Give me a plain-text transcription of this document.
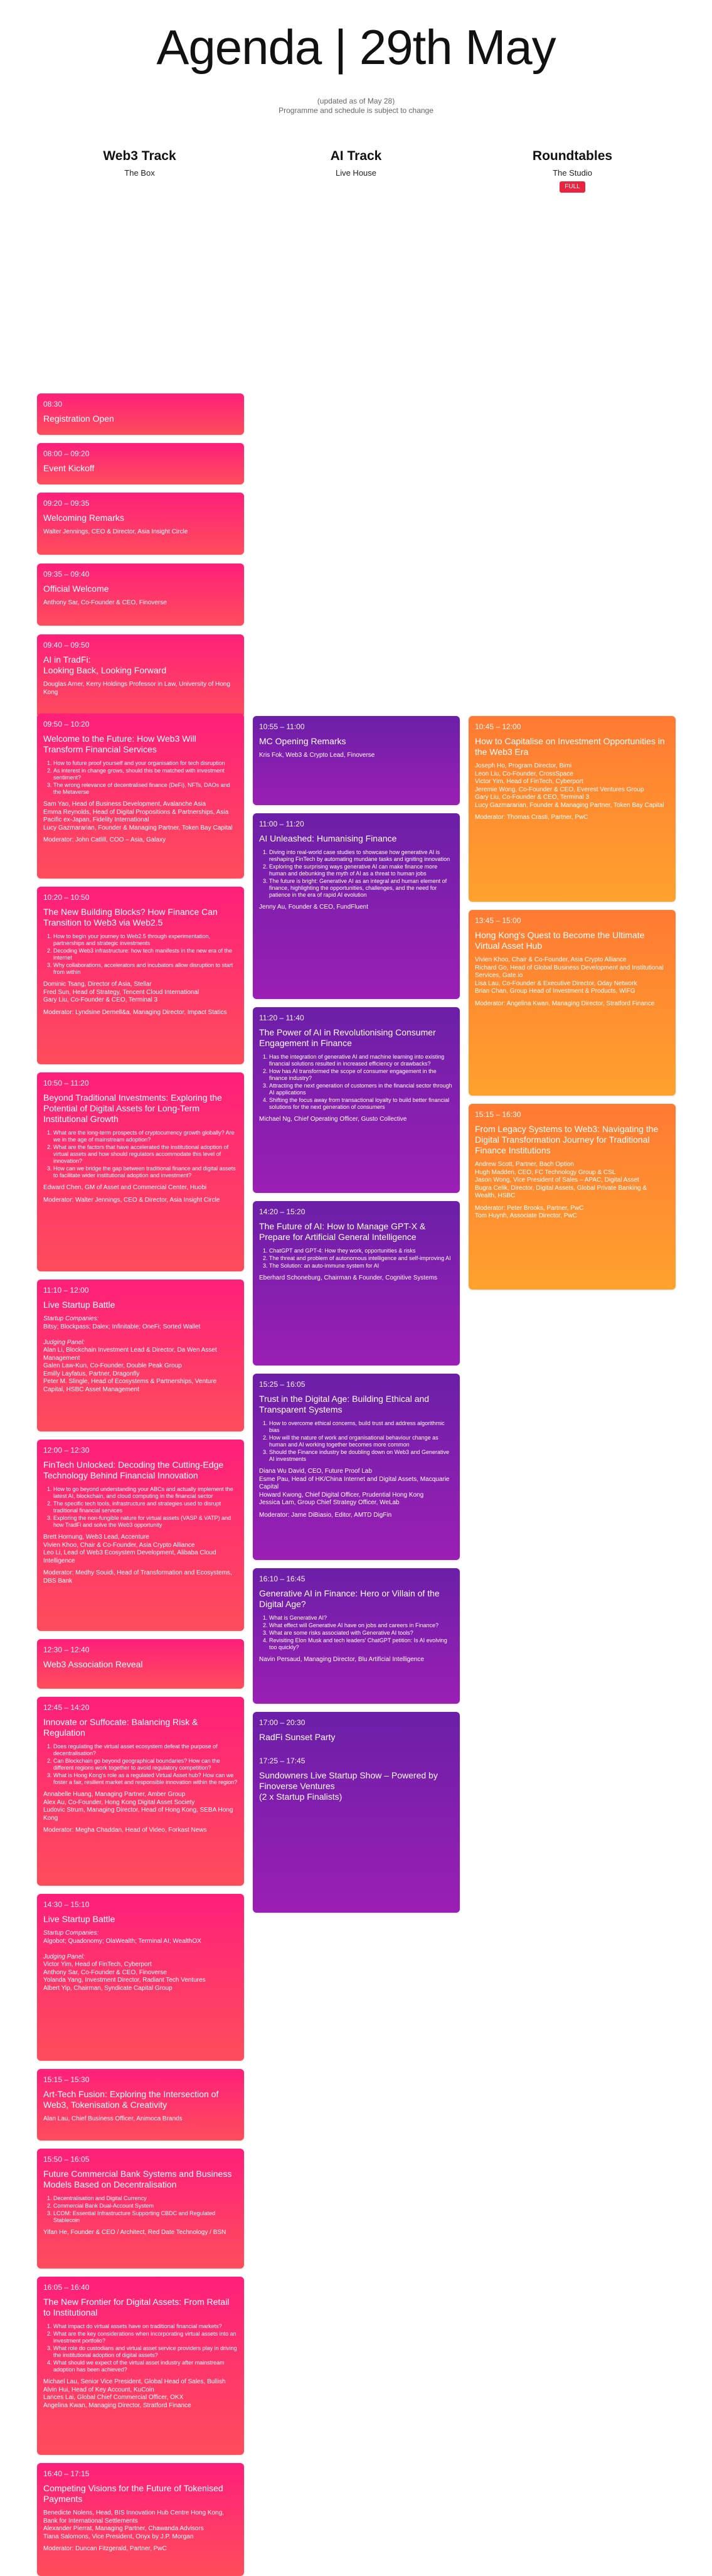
Agenda | 29th May
(updated as of May 28)
Programme and schedule is subject to change
Web3 Track
The Box
AI Track
Live House
Roundtables
The Studio
FULL
08:30
Registration Open
08:00 – 09:20
Event Kickoff
09:20 – 09:35
Welcoming Remarks
Walter Jennings, CEO & Director, Asia Insight Circle
09:35 – 09:40
Official Welcome
Anthony Sar, Co-Founder & CEO, Finoverse
09:40 – 09:50
AI in TradFi:
Looking Back, Looking Forward
Douglas Arner, Kerry Holdings Professor in Law, University of Hong Kong
09:50 – 10:20
Welcome to the Future: How Web3 Will Transform Financial Services
1. How to future proof yourself and your organisation for tech disruption
2. As interest in change grows, should this be matched with investment sentiment?
3. The wrong relevance of decentralised finance (DeFi), NFTs, DAOs and the Metaverse
Sam Yao, Head of Business Development, Avalanche Asia
Emma Reynolds, Head of Digital Propositions & Partnerships, Asia Pacific ex-Japan, Fidelity International
Lucy Gazmararian, Founder & Managing Partner, Token Bay Capital
Moderator: John Catlill, COO – Asia, Galaxy
10:20 – 10:50
The New Building Blocks? How Finance Can Transition to Web3 via Web2.5
1. How to begin your journey to Web2.5 through experimentation, partnerships and strategic investments
2. Decoding Web3 infrastructure: how tech manifests in the new era of the internet
3. Why collaborations, accelerators and incubators allow disruption to start from within
Dominic Tsang, Director of Asia, Stellar
Fred Sun, Head of Strategy, Tencent Cloud International
Gary Liu, Co-Founder & CEO, Terminal 3
Moderator: Lyndsine Dernell&a, Managing Director, Impact Statics
10:50 – 11:20
Beyond Traditional Investments: Exploring the Potential of Digital Assets for Long-Term Institutional Growth
1. What are the long-term prospects of cryptocurrency growth globally? Are we in the age of mainstream adoption?
2. What are the factors that have accelerated the institutional adoption of virtual assets and how should regulators accommodate this level of innovation?
3. How can we bridge the gap between traditional finance and digital assets to facilitate wider institutional adoption and investment?
Edward Chen, GM of Asset and Commercial Center, Huobi
Moderator: Walter Jennings, CEO & Director, Asia Insight Circle
11:10 – 12:00
Live Startup Battle
Startup Companies:
Bitsy; Blockpass; Dalex; Infinitable; OneFi; Sorted Wallet

Judging Panel:
Alan Li, Blockchain Investment Lead & Director, Da Wen Asset Management
Galen Law-Kun, Co-Founder, Double Peak Group
Emilly Layfatus, Partner, Dragonfly
Peter M. Slingle, Head of Ecosystems & Partnerships, Venture Capital, HSBC Asset Management
12:00 – 12:30
FinTech Unlocked: Decoding the Cutting-Edge Technology Behind Financial Innovation
1. How to go beyond understanding your ABCs and actually implement the latest AI, blockchain, and cloud computing in the financial sector
2. The specific tech tools, infrastructure and strategies used to disrupt traditional financial services
3. Exploring the non-fungible nature for virtual assets (VASP & VATP) and how TradFi and solve the Web3 opportunity
Brett Hornung, Web3 Lead, Accenture
Vivien Khoo, Chair & Co-Founder, Asia Crypto Alliance
Leo Li, Lead of Web3 Ecosystem Development, Alibaba Cloud Intelligence
Moderator: Medhy Souidi, Head of Transformation and Ecosystems, DBS Bank
12:30 – 12:40
Web3 Association Reveal
12:45 – 14:20
Innovate or Suffocate: Balancing Risk & Regulation
1. Does regulating the virtual asset ecosystem defeat the purpose of decentralisation?
2. Can Blockchain go beyond geographical boundaries? How can the different regions work together to avoid regulatory competition?
3. What is Hong Kong's role as a regulated Virtual Asset hub? How can we foster a fair, resilient market and responsible innovation within the region?
Annabelle Huang, Managing Partner, Amber Group
Alex Au, Co-Founder, Hong Kong Digital Asset Society
Ludovic Strum, Managing Director, Head of Hong Kong, SEBA Hong Kong
Moderator: Megha Chaddan, Head of Video, Forkast News
14:30 – 15:10
Live Startup Battle
Startup Companies:
Algobot; Quadonomy; OlaWealth; Terminal AI; WealthOX

Judging Panel:
Victor Yim, Head of FinTech, Cyberport
Anthony Sar, Co-Founder & CEO, Finoverse
Yolanda Yang, Investment Director, Radiant Tech Ventures
Albert Yip, Chairman, Syndicate Capital Group
15:15 – 15:30
Art-Tech Fusion: Exploring the Intersection of Web3, Tokenisation & Creativity
Alan Lau, Chief Business Officer, Animoca Brands
15:50 – 16:05
Future Commercial Bank Systems and Business Models Based on Decentralisation
1. Decentralisation and Digital Currency
2. Commercial Bank Dual-Account System
3. LCOM: Essential Infrastructure Supporting CBDC and Regulated Stablecoin
Yifan He, Founder & CEO / Architect, Red Date Technology / BSN
16:05 – 16:40
The New Frontier for Digital Assets: From Retail to Institutional
1. What impact do virtual assets have on traditional financial markets?
2. What are the key considerations when incorporating virtual assets into an investment portfolio?
3. What role do custodians and virtual asset service providers play in driving the institutional adoption of digital assets?
4. What should we expect of the virtual asset industry after mainstream adoption has been achieved?
Michael Lau, Senior Vice President, Global Head of Sales, Bullish
Alvin Hui, Head of Key Account, KuCoin
Lances Lai, Global Chief Commercial Officer, OKX
Angelina Kwan, Managing Director, Stratford Finance
16:40 – 17:15
Competing Visions for the Future of Tokenised Payments
Benedicte Nolens, Head, BIS Innovation Hub Centre Hong Kong, Bank for International Settlements
Alexander Pierrat, Managing Partner, Chawanda Advisors
Tiana Salomons, Vice President, Onyx by J.P. Morgan
Moderator: Duncan Fitzgerald, Partner, PwC
10:55 – 11:00
MC Opening Remarks
Kris Fok, Web3 & Crypto Lead, Finoverse
11:00 – 11:20
AI Unleashed: Humanising Finance
1. Diving into real-world case studies to showcase how generative AI is reshaping FinTech by automating mundane tasks and igniting innovation
2. Exploring the surprising ways generative AI can make finance more human and debunking the myth of AI as a threat to human jobs
3. The future is bright: Generative AI as an integral and human element of finance, highlighting the opportunities, challenges, and the need for patience in the era of rapid AI evolution
Jenny Au, Founder & CEO, FundFluent
11:20 – 11:40
The Power of AI in Revolutionising Consumer Engagement in Finance
1. Has the integration of generative AI and machine learning into existing financial solutions resulted in increased efficiency or drawbacks?
2. How has AI transformed the scope of consumer engagement in the finance industry?
3. Attracting the next generation of customers in the financial sector through AI applications
4. Shifting the focus away from transactional loyalty to build better financial solutions for the next generation of consumers
Michael Ng, Chief Operating Officer, Gusto Collective
14:20 – 15:20
The Future of AI: How to Manage GPT-X & Prepare for Artificial General Intelligence
1. ChatGPT and GPT-4: How they work, opportunities & risks
2. The threat and problem of autonomous intelligence and self-improving AI
3. The Solution: an auto-immune system for AI
Eberhard Schoneburg, Chairman & Founder, Cognitive Systems
15:25 – 16:05
Trust in the Digital Age: Building Ethical and Transparent Systems
1. How to overcome ethical concerns, build trust and address algorithmic bias
2. How will the nature of work and organisational behaviour change as human and AI working together becomes more common
3. Should the Finance industry be doubling down on Web3 and Generative AI investments
Diana Wu David, CEO, Future Proof Lab
Esme Pau, Head of HK/China Internet and Digital Assets, Macquarie Capital
Howard Kwong, Chief Digital Officer, Prudential Hong Kong
Jessica Lam, Group Chief Strategy Officer, WeLab
Moderator: Jame DiBiasio, Editor, AMTD DigFin
16:10 – 16:45
Generative AI in Finance: Hero or Villain of the Digital Age?
1. What is Generative AI?
2. What effect will Generative AI have on jobs and careers in Finance?
3. What are some risks associated with Generative AI tools?
4. Revisiting Elon Musk and tech leaders' ChatGPT petition: Is AI evolving too quickly?
Navin Persaud, Managing Director, Blu Artificial Intelligence
17:00 – 20:30
RadFi Sunset Party
17:25 – 17:45
Sundowners Live Startup Show – Powered by Finoverse Ventures
(2 x Startup Finalists)
10:45 – 12:00
How to Capitalise on Investment Opportunities in the Web3 Era
Joseph Ho, Program Director, Bimi
Leon Liu, Co-Founder, CrossSpace
Victor Yim, Head of FinTech, Cyberport
Jeremie Wong, Co-Founder & CEO, Everest Ventures Group
Gary Liu, Co-Founder & CEO, Terminal 3
Lucy Gazmararian, Founder & Managing Partner, Token Bay Capital
Moderator: Thomas Crasti, Partner, PwC
13:45 – 15:00
Hong Kong's Quest to Become the Ultimate Virtual Asset Hub
Vivien Khoo, Chair & Co-Founder, Asia Crypto Alliance
Richard Go, Head of Global Business Development and Institutional Services, Gate.io
Lisa Lau, Co-Founder & Executive Director, Oday Network
Brian Chan, Group Head of Investment & Products, WiFG
Moderator: Angelina Kwan, Managing Director, Stratford Finance
15:15 – 16:30
From Legacy Systems to Web3: Navigating the Digital Transformation Journey for Traditional Finance Institutions
Andrew Scott, Partner, Bach Option
Hugh Madden, CEO, FC Technology Group & CSL
Jason Wong, Vice President of Sales – APAC, Digital Asset
Bugra Celik, Director, Digital Assets, Global Private Banking & Wealth, HSBC
Moderator: Peter Brooks, Partner, PwC
Tom Huynh, Associate Director, PwC
